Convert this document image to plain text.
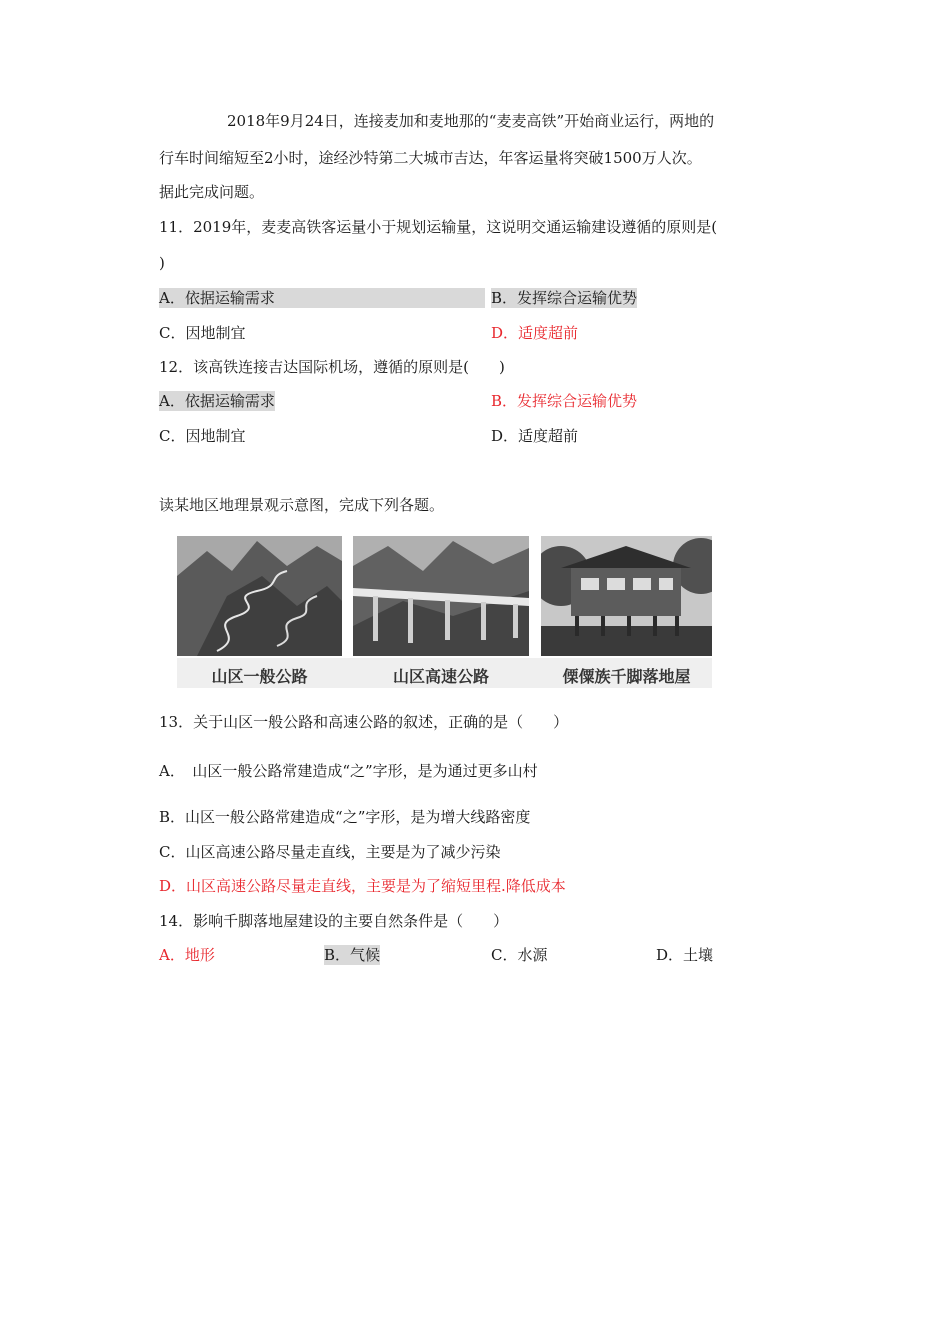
2018年9月24日，连接麦加和麦地那的“麦麦高铁”开始商业运行，两地的
行车时间缩短至2小时，途经沙特第二大城市吉达，年客运量将突破1500万人次。
据此完成问题。
11．2019年，麦麦高铁客运量小于规划运输量，这说明交通运输建设遵循的原则是(
)
A．依据运输需求	B．发挥综合运输优势
C．因地制宜	D．适度超前
12．该高铁连接吉达国际机场，遵循的原则是(　　)
A．依据运输需求	B．发挥综合运输优势
C．因地制宜	D．适度超前
读某地区地理景观示意图，完成下列各题。
山区一般公路	山区高速公路	傈僳族千脚落地屋
13．关于山区一般公路和高速公路的叙述，正确的是（　　）
A．　山区一般公路常建造成“之”字形，是为通过更多山村
B．山区一般公路常建造成“之”字形，是为增大线路密度
C．山区高速公路尽量走直线，主要是为了减少污染
D．山区高速公路尽量走直线，主要是为了缩短里程.降低成本
14．影响千脚落地屋建设的主要自然条件是（　　）
A．地形	B．气候	C．水源	D．土壤
